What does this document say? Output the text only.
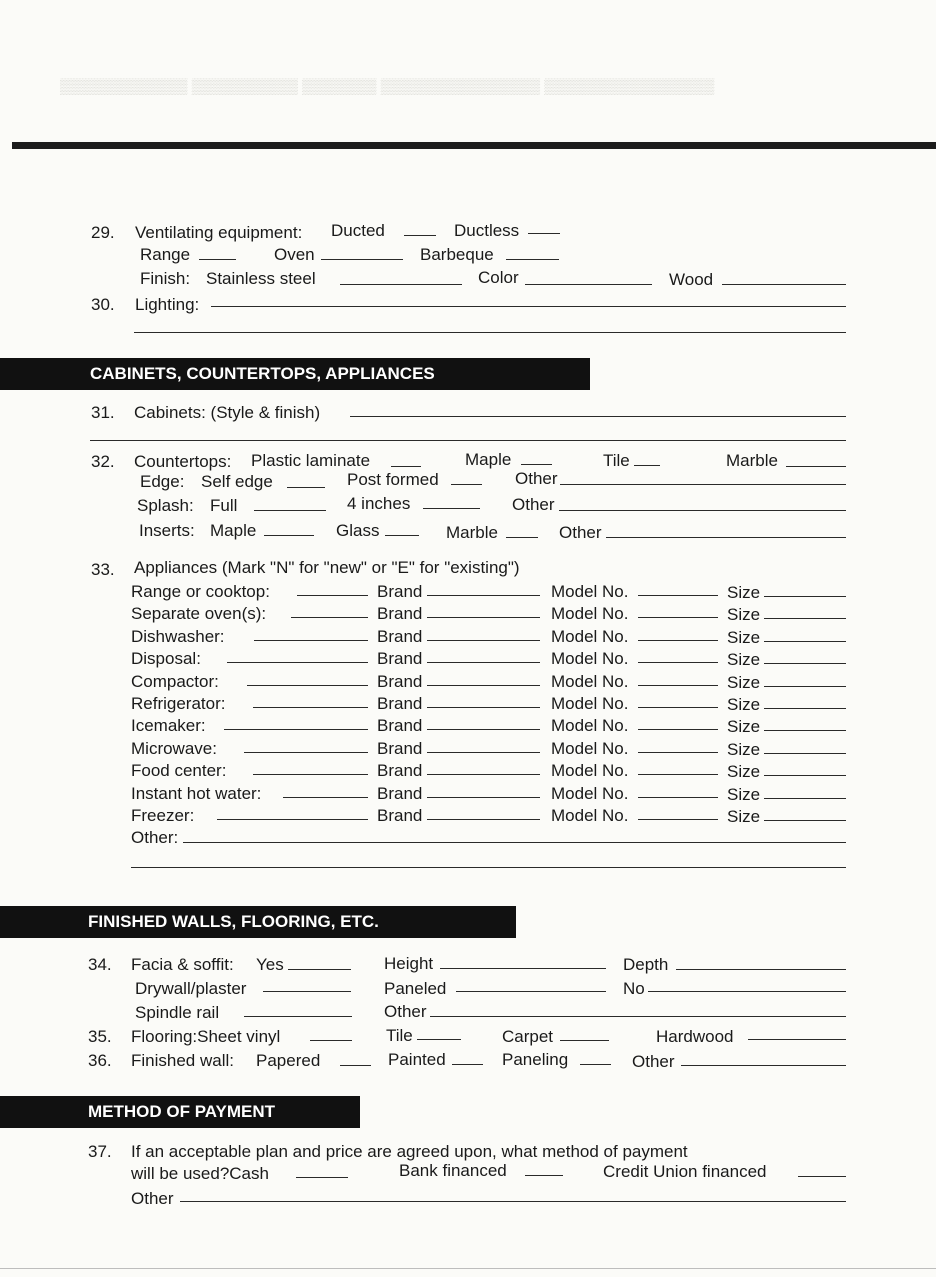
▒▒▒▒▒▒▒▒▒▒▒▒ ▒▒▒▒▒▒▒▒▒▒ ▒▒▒▒▒▒▒ ▒▒▒▒▒▒▒▒▒▒▒▒▒▒▒ ▒▒▒▒▒▒▒▒▒▒▒▒▒▒▒▒
29. Ventilating equipment: Ducted	Ductless
Range	Oven	Barbeque
Finish: Stainless steel	Color	Wood
30. Lighting:
CABINETS, COUNTERTOPS, APPLIANCES
31. Cabinets: (Style & finish)
32. Countertops: Plastic laminate	Maple	Tile	Marble
Edge: Self edge	Post formed	Other
Splash: Full	4 inches	Other
Inserts: Maple	Glass	Marble	Other
33. Appliances (Mark "N" for "new" or "E" for "existing")
Range or cooktop:	Brand	Model No.	Size
Separate oven(s):	Brand	Model No.	Size
Dishwasher:	Brand	Model No.	Size
Disposal:	Brand	Model No.	Size
Compactor:	Brand	Model No.	Size
Refrigerator:	Brand	Model No.	Size
Icemaker:	Brand	Model No.	Size
Microwave:	Brand	Model No.	Size
Food center:	Brand	Model No.	Size
Instant hot water:	Brand	Model No.	Size
Freezer:	Brand	Model No.	Size
Other:
FINISHED WALLS, FLOORING, ETC.
34. Facia & soffit: Yes	Height	Depth
Drywall/plaster	Paneled	No
Spindle rail	Other
35. Flooring:Sheet vinyl	Tile	Carpet	Hardwood
36. Finished wall: Papered	Painted	Paneling	Other
METHOD OF PAYMENT
37. If an acceptable plan and price are agreed upon, what method of payment
will be used?Cash	Bank financed	Credit Union financed
Other
